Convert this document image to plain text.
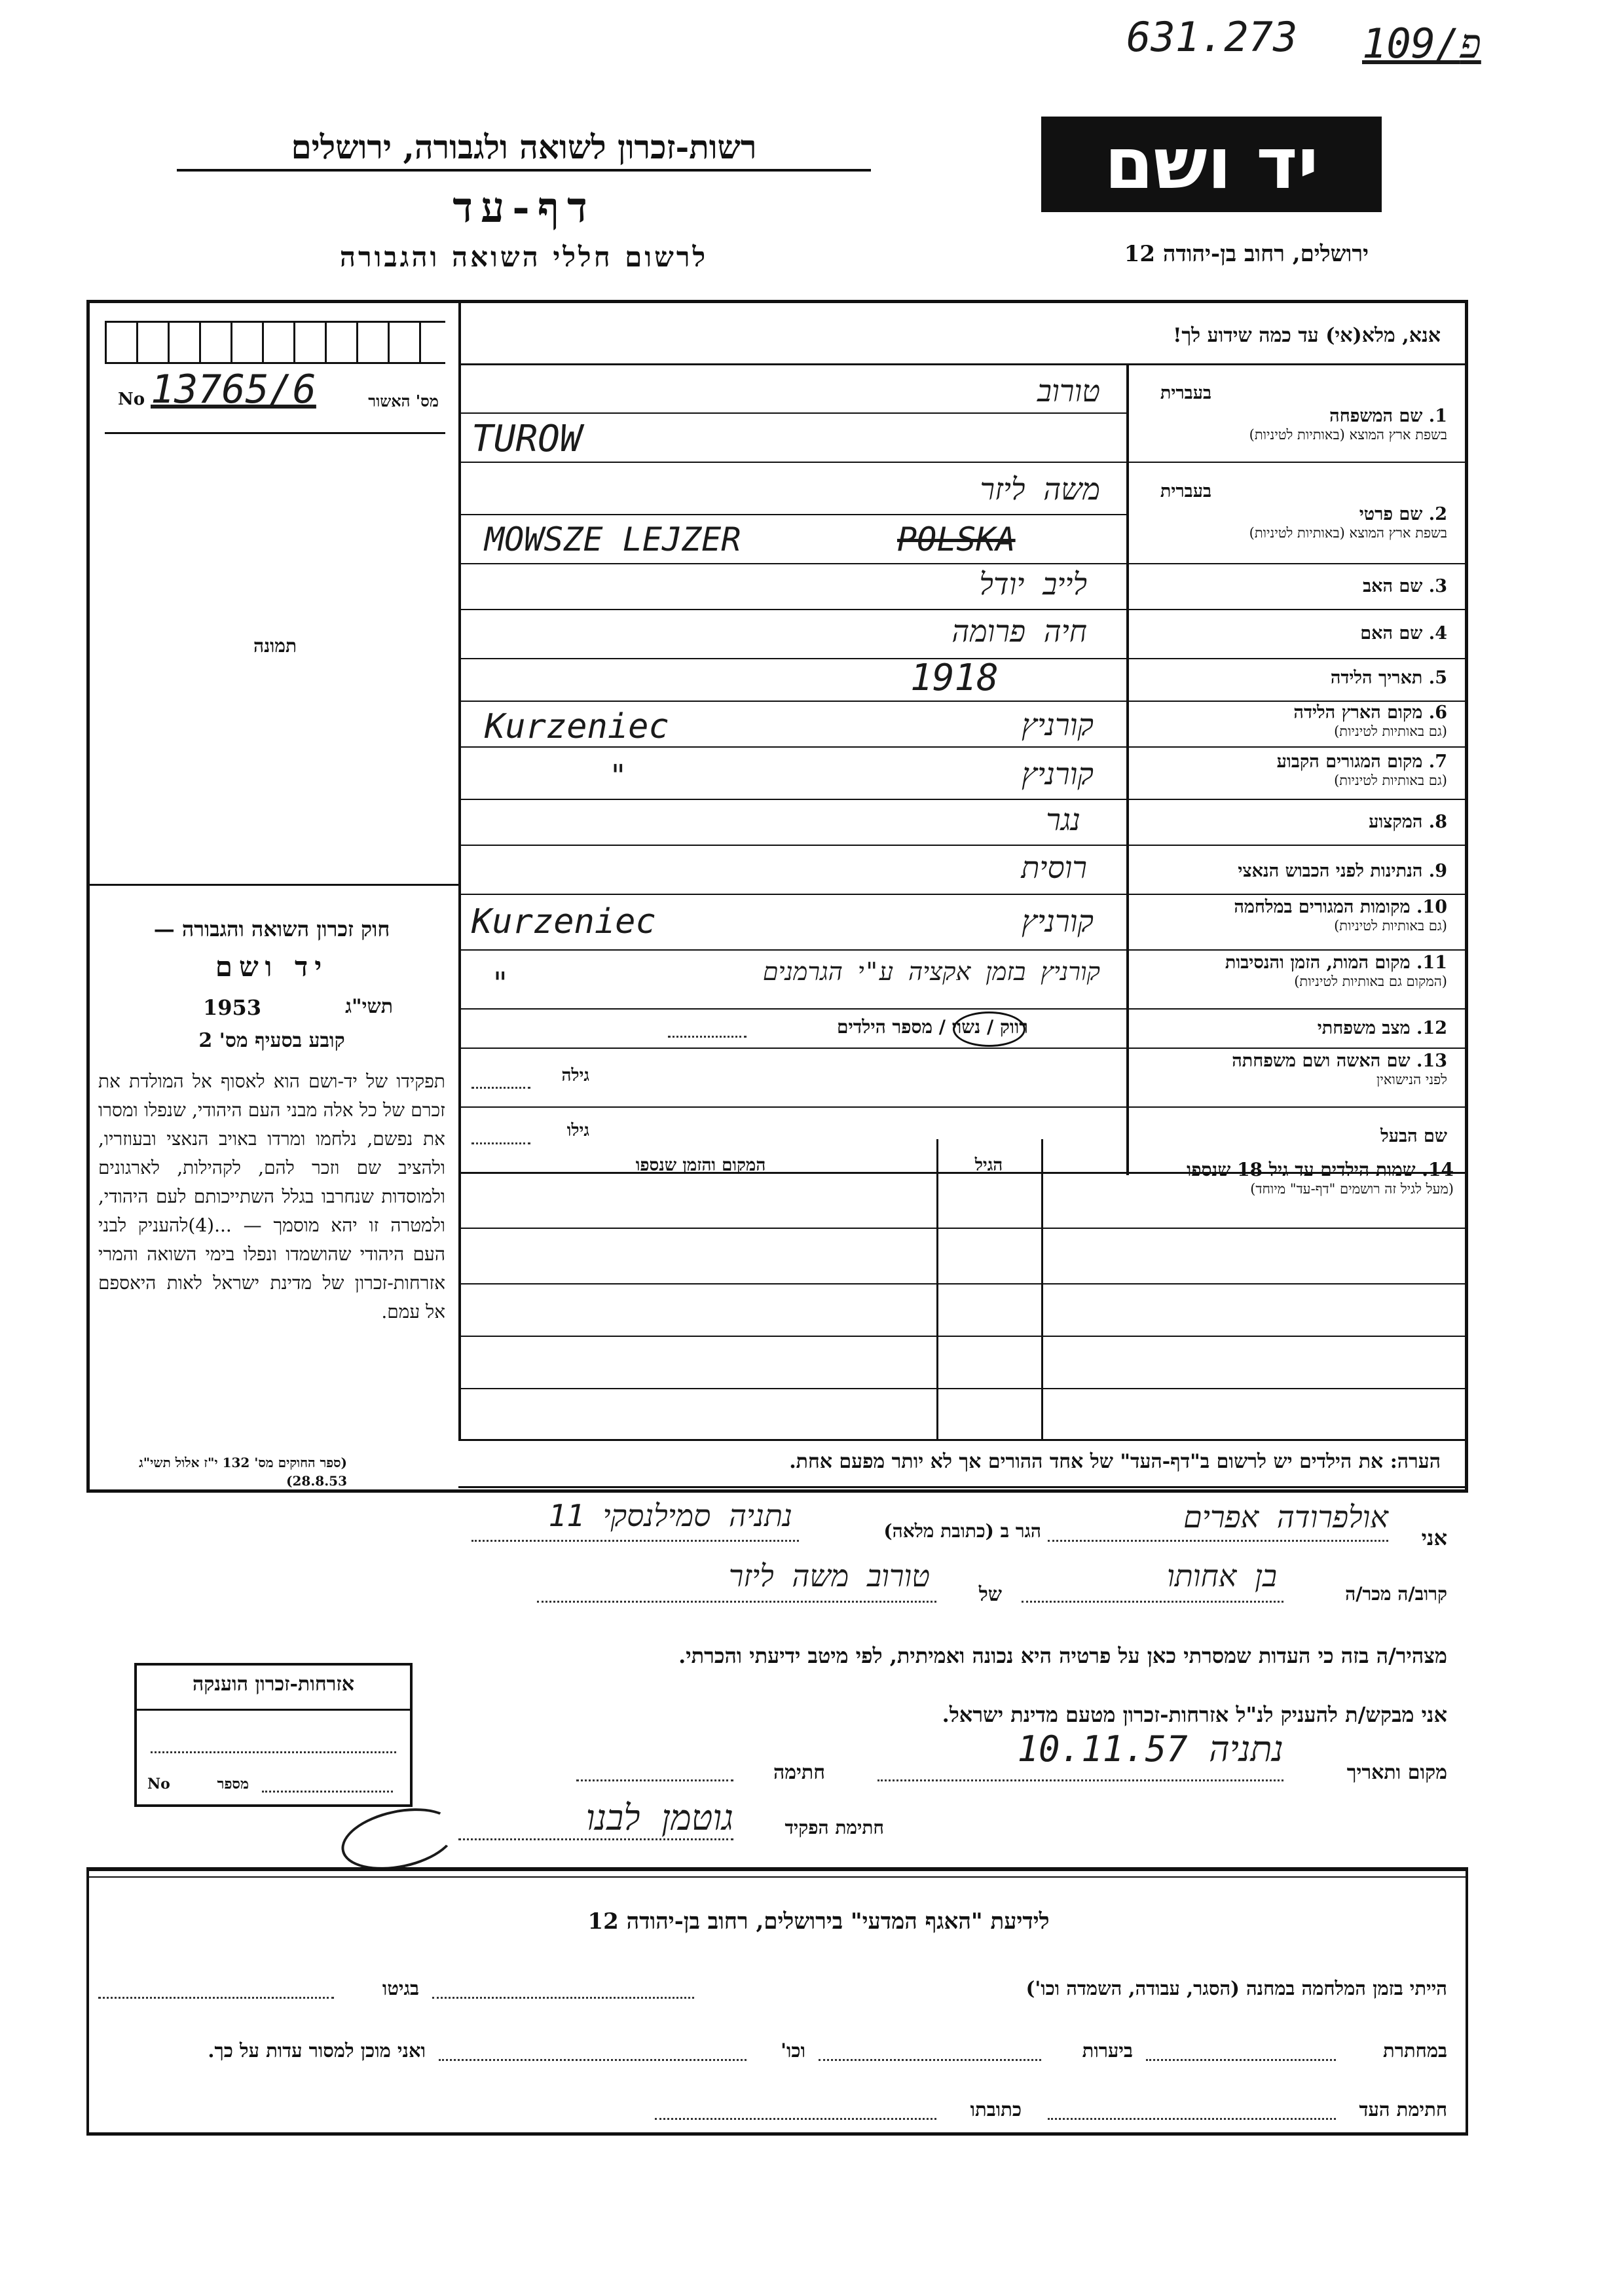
631.273 109/פ
רשות-זכרון לשואה ולגבורה, ירושלים
דף-עד
לרשום חללי השואה והגבורה
יד ושם
ירושלים, רחוב בן-יהודה 12
אנא, מלא(אי) עד כמה שידוע לך!
No 13765/6	מס' האשור
תמונה
חוק זכרון השואה והגבורה —
יד ושם
תשי"ג
1953
קובע בסעיף מס' 2
תפקידו של יד-ושם הוא לאסוף אל המולדת את זכרם של כל אלה מבני העם היהודי, שנפלו ומסרו את נפשם, נלחמו ומרדו באויב הנאצי ובעוזריו, ולהציב שם וזכר להם, לקהילות, לארגונים ולמוסדות שנחרבו בגלל השתייכותם לעם היהודי, ולמטרה זו יהא מוסמך — ...(4)להעניק לבני העם היהודי שהושמדו ונפלו בימי השואה והמרי אזרחות-זכרון של מדינת ישראל לאות היאספם אל עמם.
(ספר החוקים מס' 132 י"ז אלול תשי"ג 28.8.53)
בעברית
1. שם המשפחה
בשפת ארץ המוצא (באותיות לטיניות)
טורוב
TUROW
בעברית
2. שם פרטי
בשפת ארץ המוצא (באותיות לטיניות)
משה ליזר
MOWSZE LEJZER	POLSKA
3. שם האב
לייב יודל
4. שם האם
חיה פרומה
5. תאריך הלידה
1918
6. מקום הארץ הלידה
(גם באותיות לטיניות)
קורניץ
Kurzeniec
7. מקום המגורים הקבוע
(גם באותיות לטיניות)
קורניץ
"
8. המקצוע
נגר
9. הנתינות לפני הכבוש הנאצי
רוסית
10. מקומות המגורים במלחמה
(גם באותיות לטיניות)
קורניץ
Kurzeniec
11. מקום המות, הזמן והנסיבות
(המקום גם באותיות לטיניות)
קורניץ בזמן אקציה ע"י הגרמנים
"
12. מצב משפחתי
רווק / נשוי / מספר הילדים
13. שם האשה ושם משפחתה
לפני הנישואין
גילה
שם הבעל
גילו
14. שמות הילדים עד גיל 18 שנספו
(מעל לגיל זה רושמים "דף-עד" מיוחד)
הגיל
המקום והזמן שנספו
הערה: את הילדים יש לרשום ב"דף-העד" של אחד ההורים אך לא יותר מפעם אחת.
אני
אולפרודה אפרים
הגר ב (כתובת מלאה)
נתניה סמילנסקי 11
קרוב/ה מכר/ה
בן אחותו
של
טורוב משה ליזר
מצהיר/ה בזה כי העדות שמסרתי כאן על פרטיה היא נכונה ואמיתית, לפי מיטב ידיעתי והכרתי.
אני מבקש/ת להעניק לנ"ל אזרחות-זכרון מטעם מדינת ישראל.
מקום ותאריך
נתניה 10.11.57
חתימה
חתימת הפקיד
גוטמן לבנו
אזרחות-זכרון הוענקה
No	מספר
לידיעת "האגף המדעי" בירושלים, רחוב בן-יהודה 12
הייתי בזמן המלחמה במחנה (הסגר, עבודה, השמדה וכו')
בגיטו
במחתרת
ביערות
וכו'
ואני מוכן למסור עדות על כך.
חתימת העד
כתובתו
